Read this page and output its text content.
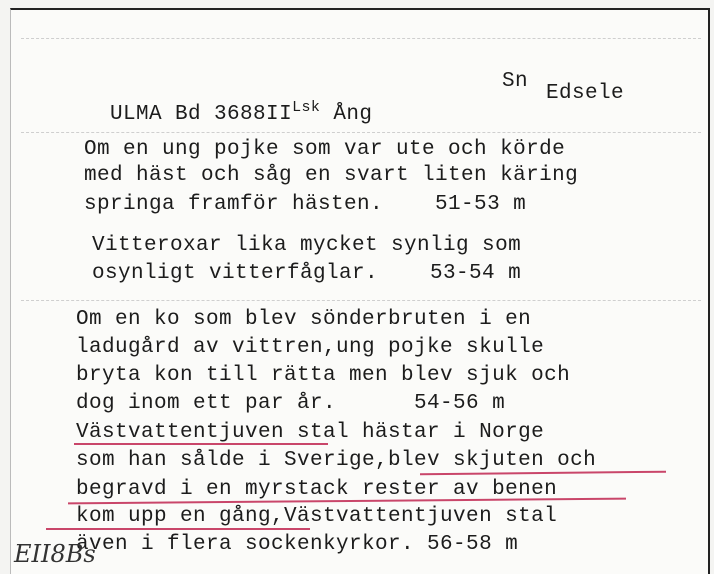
ULMA Bd $3688II^{Lsk}$ Ång

Sn
Edsele
Om en ung pojke som var ute och körde
med häst och såg en svart liten käring
springa framför hästen.    51-53 m
Vitteroxar lika mycket synlig som
osynligt vitterfåglar.    53-54 m
Om en ko som blev sönderbruten i en
ladugård av vittren,ung pojke skulle
bryta kon till rätta men blev sjuk och
dog inom ett par år.      54-56 m
Västvattentjuven stal hästar i Norge
som han sålde i Sverige,blev skjuten och
begravd i en myrstack rester av benen
kom upp en gång,Västvattentjuven stal
även i flera sockenkyrkor. 56-58 m
EII8Bs
